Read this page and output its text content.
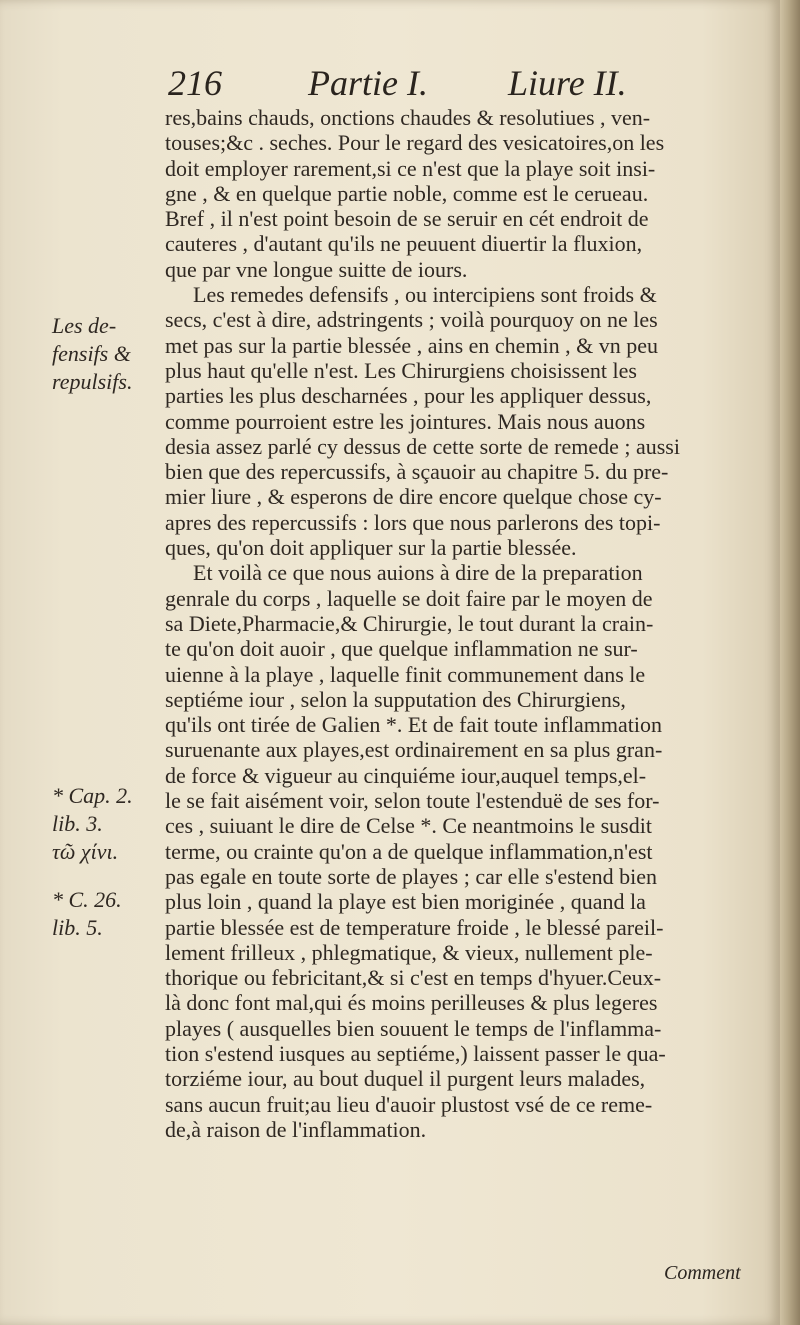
216 Partie I. Liure II.
res,bains chauds, onctions chaudes & resolutiues , ven-
touses;&c . seches. Pour le regard des vesicatoires,on les
doit employer rarement,si ce n'est que la playe soit insi-
gne , & en quelque partie noble, comme est le cerueau.
Bref , il n'est point besoin de se seruir en cét endroit de
cauteres , d'autant qu'ils ne peuuent diuertir la fluxion,
que par vne longue suitte de iours.
Les remedes defensifs , ou intercipiens sont froids &
secs, c'est à dire, adstringents ; voilà pourquoy on ne les
met pas sur la partie blessée , ains en chemin , & vn peu
plus haut qu'elle n'est. Les Chirurgiens choisissent les
parties les plus descharnées , pour les appliquer dessus,
comme pourroient estre les jointures. Mais nous auons
desia assez parlé cy dessus de cette sorte de remede ; aussi
bien que des repercussifs, à sçauoir au chapitre 5. du pre-
mier liure , & esperons de dire encore quelque chose cy-
apres des repercussifs : lors que nous parlerons des topi-
ques, qu'on doit appliquer sur la partie blessée.
Et voilà ce que nous auions à dire de la preparation
genrale du corps , laquelle se doit faire par le moyen de
sa Diete,Pharmacie,& Chirurgie, le tout durant la crain-
te qu'on doit auoir , que quelque inflammation ne sur-
uienne à la playe , laquelle finit communement dans le
septiéme iour , selon la supputation des Chirurgiens,
qu'ils ont tirée de Galien *. Et de fait toute inflammation
suruenante aux playes,est ordinairement en sa plus gran-
de force & vigueur au cinquiéme iour,auquel temps,el-
le se fait aisément voir, selon toute l'estenduë de ses for-
ces , suiuant le dire de Celse *. Ce neantmoins le susdit
terme, ou crainte qu'on a de quelque inflammation,n'est
pas egale en toute sorte de playes ; car elle s'estend bien
plus loin , quand la playe est bien moriginée , quand la
partie blessée est de temperature froide , le blessé pareil-
lement frilleux , phlegmatique, & vieux, nullement ple-
thorique ou febricitant,& si c'est en temps d'hyuer.Ceux-
là donc font mal,qui és moins perilleuses & plus legeres
playes ( ausquelles bien souuent le temps de l'inflamma-
tion s'estend iusques au septiéme,) laissent passer le qua-
torziéme iour, au bout duquel il purgent leurs malades,
sans aucun fruit;au lieu d'auoir plustost vsé de ce reme-
de,à raison de l'inflammation.
Les de-
fensifs &
repulsifs.
* Cap. 2.
lib. 3.
τῶ χίνι.
* C. 26.
lib. 5.
Comment
